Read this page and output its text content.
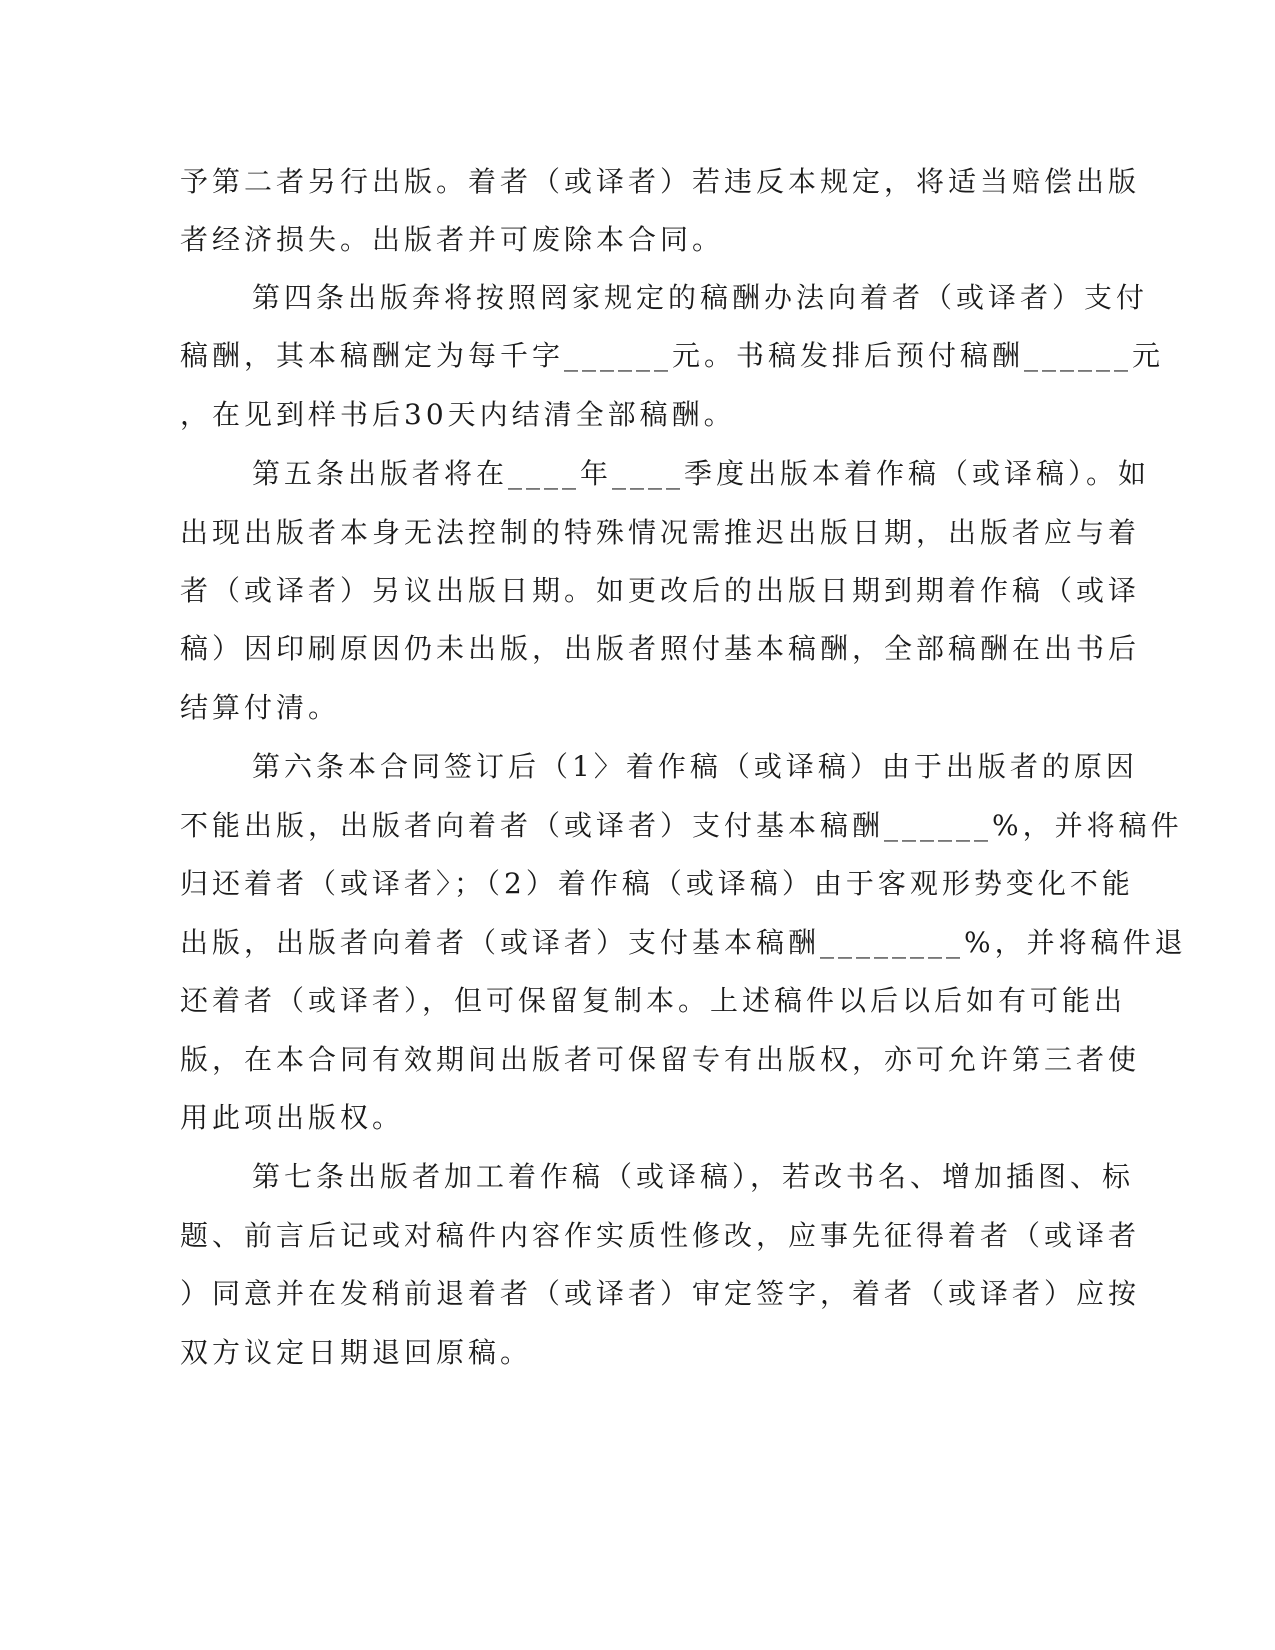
予第二者另行出版。着者（或译者）若违反本规定，将适当赔偿出版

者经济损失。出版者并可废除本合同。

第四条出版奔将按照罔家规定的稿酬办法向着者（或译者）支付

稿酬，其本稿酬定为每千字______元。书稿发排后预付稿酬______元

，在见到样书后30天内结清全部稿酬。

第五条出版者将在____年____季度出版本着作稿（或译稿）。如

出现出版者本身无法控制的特殊情况需推迟出版日期，出版者应与着

者（或译者）另议出版日期。如更改后的出版日期到期着作稿（或译

稿）因印刷原因仍未出版，出版者照付基本稿酬，全部稿酬在出书后

结算付清。

第六条本合同签订后（1〉着作稿（或译稿）由于出版者的原因

不能出版，出版者向着者（或译者）支付基本稿酬______%，并将稿件

归还着者（或译者〉；（2）着作稿（或译稿）由于客观形势变化不能

出版，出版者向着者（或译者）支付基本稿酬________%，并将稿件退

还着者（或译者），但可保留复制本。上述稿件以后以后如有可能出

版，在本合同有效期间出版者可保留专有出版权，亦可允许第三者使

用此项出版权。

第七条出版者加工着作稿（或译稿），若改书名、增加插图、标

题、前言后记或对稿件内容作实质性修改，应事先征得着者（或译者

）同意并在发稍前退着者（或译者）审定签字，着者（或译者）应按

双方议定日期退回原稿。
